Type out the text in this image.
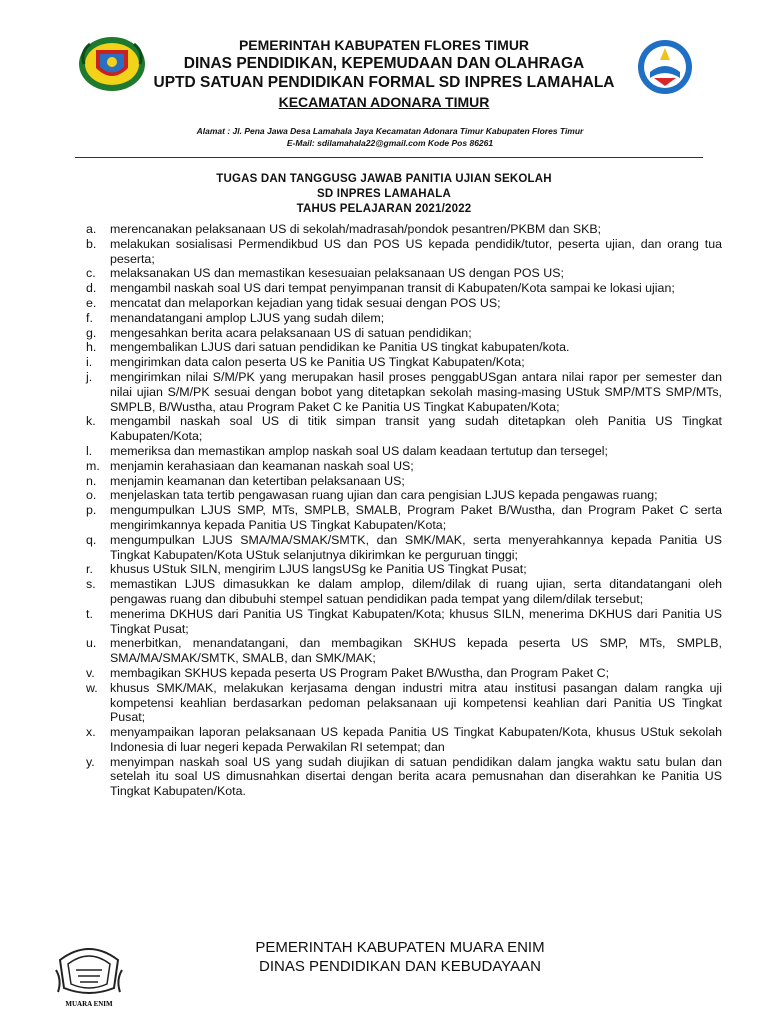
PEMERINTAH KABUPATEN FLORES TIMUR
DINAS PENDIDIKAN, KEPEMUDAAN DAN OLAHRAGA
UPTD SATUAN PENDIDIKAN FORMAL SD INPRES LAMAHALA
KECAMATAN ADONARA TIMUR
Alamat : Jl. Pena Jawa Desa Lamahala Jaya Kecamatan Adonara Timur Kabupaten Flores Timur
E-Mail: sdilamahala22@gmail.com Kode Pos 86261
TUGAS DAN TANGGUSG JAWAB PANITIA UJIAN SEKOLAH
SD INPRES LAMAHALA
TAHUS PELAJARAN 2021/2022
a.	merencanakan pelaksanaan US di sekolah/madrasah/pondok pesantren/PKBM dan SKB;
b.	melakukan sosialisasi Permendikbud US dan POS US kepada pendidik/tutor, peserta ujian, dan orang tua peserta;
c.	melaksanakan US dan memastikan kesesuaian pelaksanaan US dengan POS US;
d.	mengambil naskah soal US dari tempat penyimpanan transit di Kabupaten/Kota sampai ke lokasi ujian;
e.	mencatat dan melaporkan kejadian yang tidak sesuai dengan POS US;
f.	menandatangani amplop LJUS yang sudah dilem;
g.	mengesahkan berita acara pelaksanaan US di satuan pendidikan;
h.	mengembalikan LJUS dari satuan pendidikan ke Panitia US tingkat kabupaten/kota.
i.	mengirimkan data calon peserta US ke Panitia US Tingkat Kabupaten/Kota;
j.	mengirimkan nilai S/M/PK yang merupakan hasil proses penggabUSgan antara nilai rapor per semester dan nilai ujian S/M/PK sesuai dengan bobot yang ditetapkan sekolah masing-masing UStuk SMP/MTS SMP/MTs, SMPLB, B/Wustha, atau Program Paket C ke Panitia US Tingkat Kabupaten/Kota;
k.	mengambil naskah soal US di titik simpan transit yang sudah ditetapkan oleh Panitia US Tingkat Kabupaten/Kota;
l.	memeriksa dan memastikan amplop naskah soal US dalam keadaan tertutup dan tersegel;
m. menjamin kerahasiaan dan keamanan naskah soal US;
n.	menjamin keamanan dan ketertiban pelaksanaan US;
o.	menjelaskan tata tertib pengawasan ruang ujian dan cara pengisian LJUS kepada pengawas ruang;
p.	mengumpulkan LJUS SMP, MTs, SMPLB, SMALB, Program Paket B/Wustha, dan Program Paket C serta mengirimkannya kepada Panitia US Tingkat Kabupaten/Kota;
q.	mengumpulkan LJUS SMA/MA/SMAK/SMTK, dan SMK/MAK, serta menyerahkannya kepada Panitia US Tingkat Kabupaten/Kota UStuk selanjutnya dikirimkan ke perguruan tinggi;
r.	khusus UStuk SILN, mengirim LJUS langsUSg ke Panitia US Tingkat Pusat;
s.	memastikan LJUS dimasukkan ke dalam amplop, dilem/dilak di ruang ujian, serta ditandatangani oleh pengawas ruang dan dibubuhi stempel satuan pendidikan pada tempat yang dilem/dilak tersebut;
t.	menerima DKHUS dari Panitia US Tingkat Kabupaten/Kota; khusus SILN, menerima DKHUS dari Panitia US Tingkat Pusat;
u.	menerbitkan, menandatangani, dan membagikan SKHUS kepada peserta US SMP, MTs, SMPLB, SMA/MA/SMAK/SMTK, SMALB, dan SMK/MAK;
v.	membagikan SKHUS kepada peserta US Program Paket B/Wustha, dan Program Paket C;
w. khusus SMK/MAK, melakukan kerjasama dengan industri mitra atau institusi pasangan dalam rangka uji kompetensi keahlian berdasarkan pedoman pelaksanaan uji kompetensi keahlian dari Panitia US Tingkat Pusat;
x.	menyampaikan laporan pelaksanaan US kepada Panitia US Tingkat Kabupaten/Kota, khusus UStuk sekolah Indonesia di luar negeri kepada Perwakilan RI setempat; dan
y.	menyimpan naskah soal US yang sudah diujikan di satuan pendidikan dalam jangka waktu satu bulan dan setelah itu soal US dimusnahkan disertai dengan berita acara pemusnahan dan diserahkan ke Panitia US Tingkat Kabupaten/Kota.
MUARA ENIM
PEMERINTAH KABUPATEN MUARA ENIM
DINAS PENDIDIKAN DAN KEBUDAYAAN
